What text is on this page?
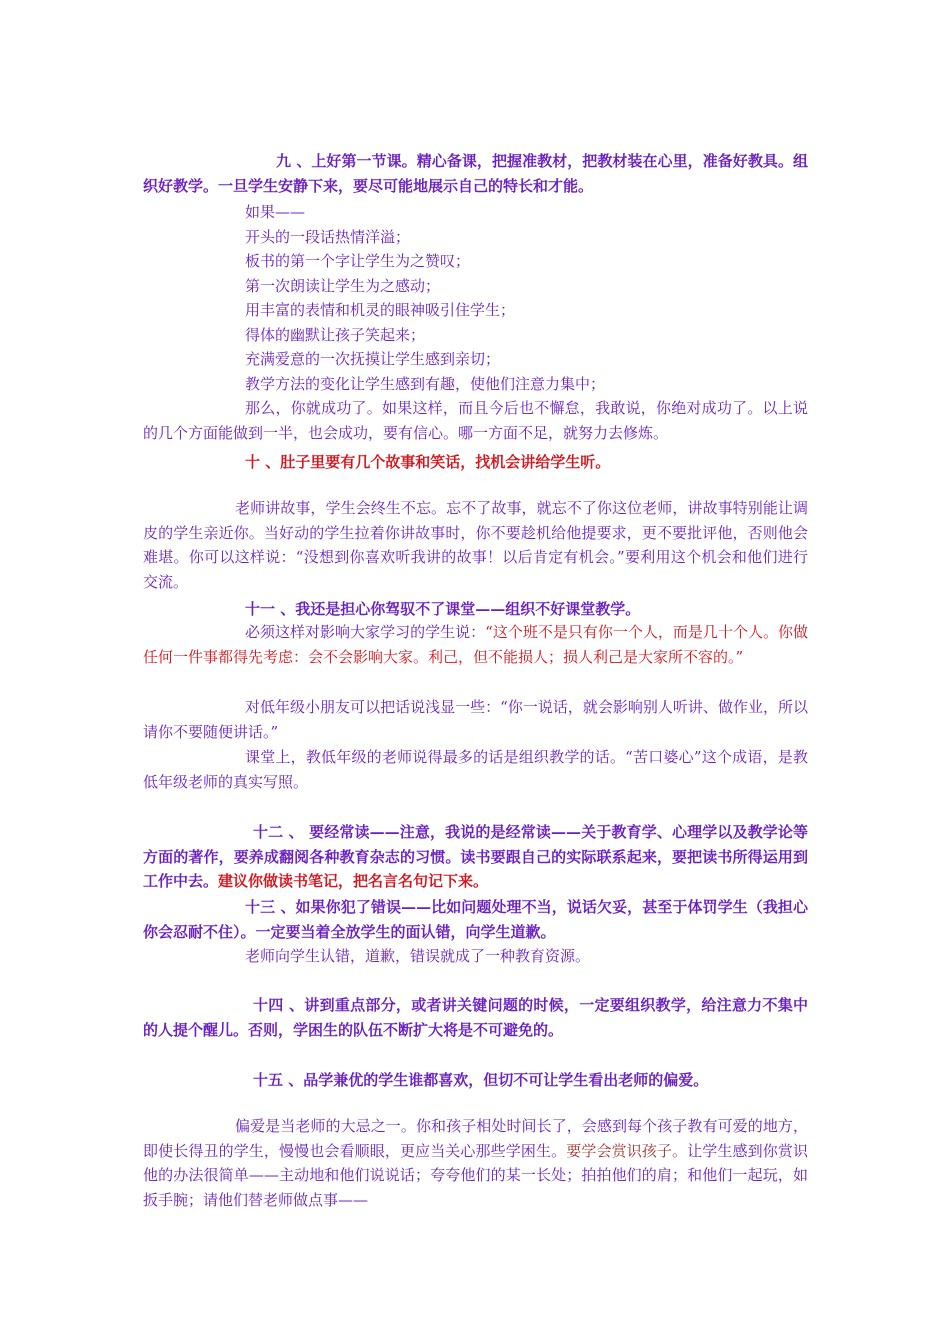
九 、上好第一节课。精心备课，把握准教材，把教材装在心里，准备好教具。组织好教学。一旦学生安静下来，要尽可能地展示自己的特长和才能。

如果——

开头的一段话热情洋溢；

板书的第一个字让学生为之赞叹；

第一次朗读让学生为之感动；

用丰富的表情和机灵的眼神吸引住学生；

得体的幽默让孩子笑起来；

充满爱意的一次抚摸让学生感到亲切；

教学方法的变化让学生感到有趣，使他们注意力集中；

那么，你就成功了。如果这样，而且今后也不懈怠，我敢说，你绝对成功了。以上说的几个方面能做到一半，也会成功，要有信心。哪一方面不足，就努力去修炼。

十 、肚子里要有几个故事和笑话，找机会讲给学生听。

老师讲故事，学生会终生不忘。忘不了故事，就忘不了你这位老师，讲故事特别能让调皮的学生亲近你。当好动的学生拉着你讲故事时，你不要趁机给他提要求，更不要批评他，否则他会难堪。你可以这样说：“没想到你喜欢听我讲的故事！以后肯定有机会。”要利用这个机会和他们进行交流。

十一 、我还是担心你驾驭不了课堂——组织不好课堂教学。

必须这样对影响大家学习的学生说：“这个班不是只有你一个人，而是几十个人。你做任何一件事都得先考虑：会不会影响大家。利己，但不能损人；损人利己是大家所不容的。”

对低年级小朋友可以把话说浅显一些：“你一说话，就会影响别人听讲、做作业，所以请你不要随便讲话。”

课堂上，教低年级的老师说得最多的话是组织教学的话。“苦口婆心”这个成语，是教低年级老师的真实写照。

十二 、 要经常读——注意，我说的是经常读——关于教育学、心理学以及教学论等方面的著作，要养成翻阅各种教育杂志的习惯。读书要跟自己的实际联系起来，要把读书所得运用到工作中去。建议你做读书笔记，把名言名句记下来。

十三 、如果你犯了错误——比如问题处理不当，说话欠妥，甚至于体罚学生（我担心你会忍耐不住）。一定要当着全放学生的面认错，向学生道歉。

老师向学生认错，道歉，错误就成了一种教育资源。

十四 、讲到重点部分，或者讲关键问题的时候，一定要组织教学，给注意力不集中的人提个醒儿。否则，学困生的队伍不断扩大将是不可避免的。

十五 、品学兼优的学生谁都喜欢，但切不可让学生看出老师的偏爱。

偏爱是当老师的大忌之一。你和孩子相处时间长了，会感到每个孩子教有可爱的地方，即使长得丑的学生，慢慢也会看顺眼，更应当关心那些学困生。要学会赏识孩子。让学生感到你赏识他的办法很简单——主动地和他们说说话；夸夸他们的某一长处；拍拍他们的肩；和他们一起玩，如扳手腕；请他们替老师做点事——
